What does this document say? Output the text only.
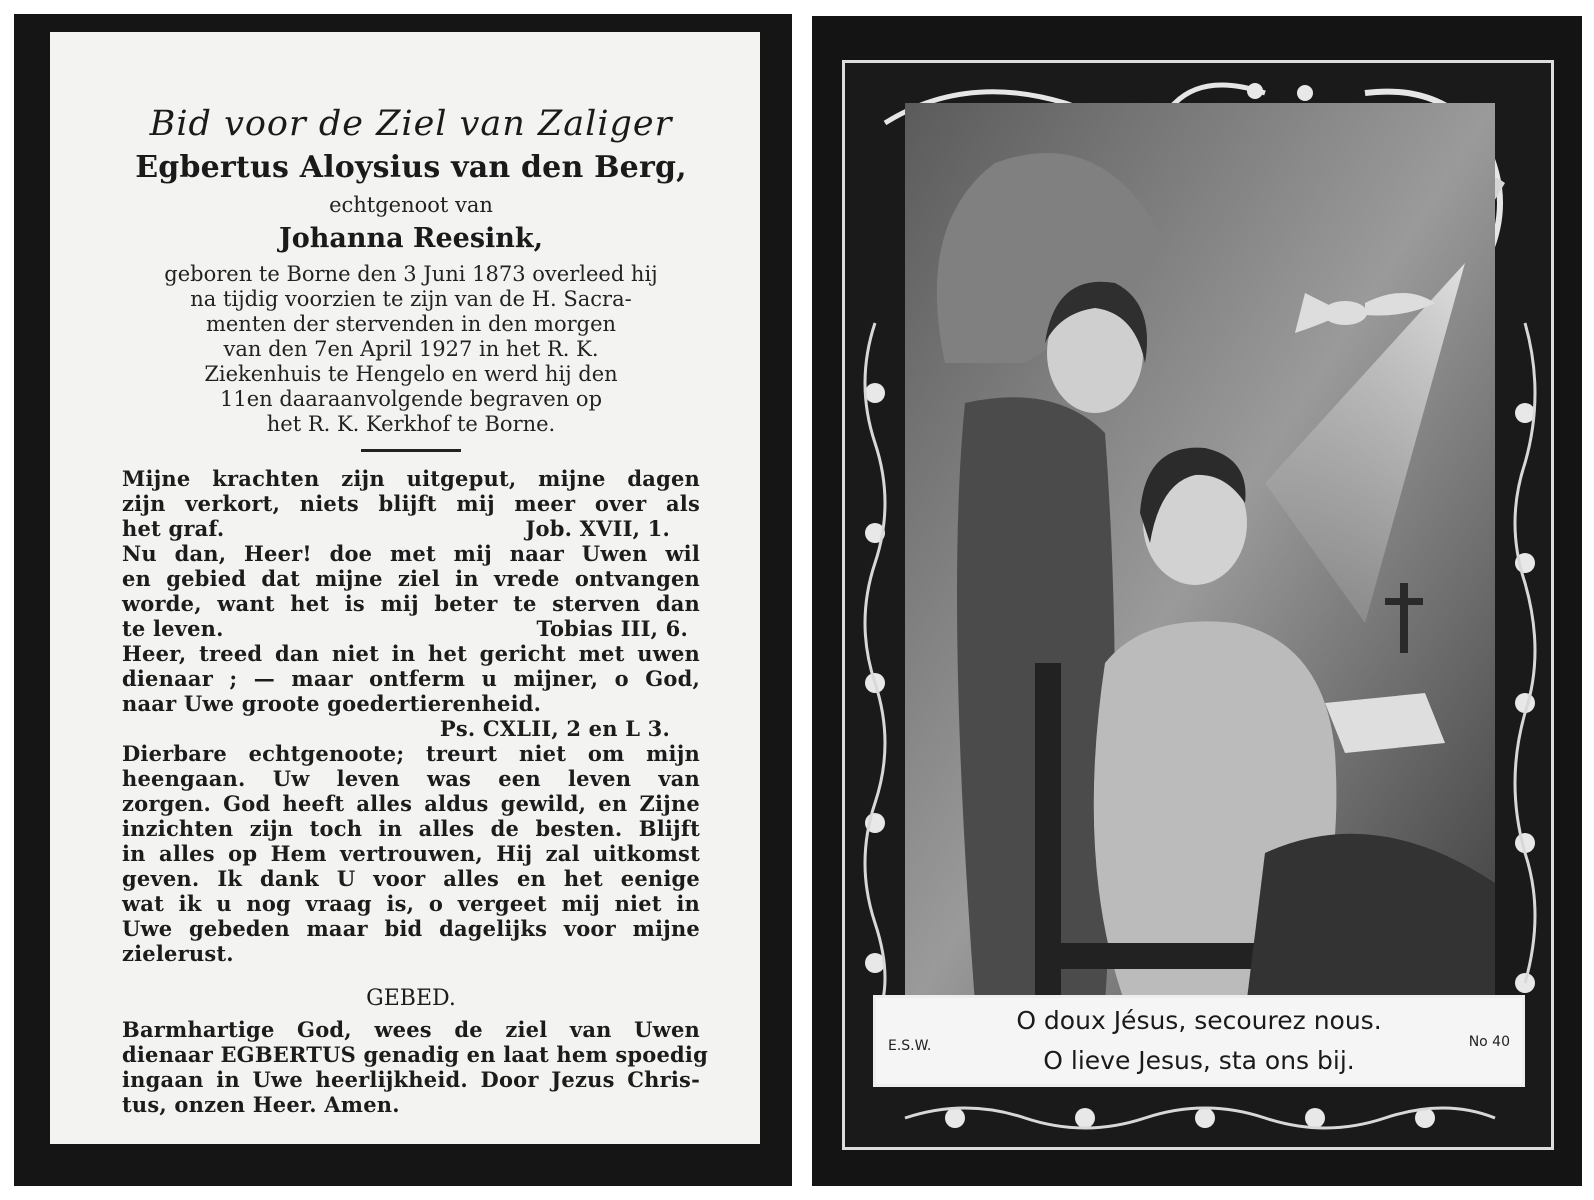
Bid voor de Ziel van Zaliger
Egbertus Aloysius van den Berg,
echtgenoot van
Johanna Reesink,
geboren te Borne den 3 Juni 1873 overleed hij
na tijdig voorzien te zijn van de H. Sacra-
menten der stervenden in den morgen
van den 7en April 1927 in het R. K.
Ziekenhuis te Hengelo en werd hij den
11en daaraanvolgende begraven op
het R. K. Kerkhof te Borne.
Mijne krachten zijn uitgeput, mijne dagen
zijn verkort, niets blijft mij meer over als
het graf.	Job. XVII, 1.
Nu dan, Heer! doe met mij naar Uwen wil
en gebied dat mijne ziel in vrede ontvangen
worde, want het is mij beter te sterven dan
te leven.	Tobias III, 6.
Heer, treed dan niet in het gericht met uwen
dienaar ; — maar ontferm u mijner, o God,
naar Uwe groote goedertierenheid.
Ps. CXLII, 2 en L 3.
Dierbare echtgenoote; treurt niet om mijn
heengaan. Uw leven was een leven van
zorgen. God heeft alles aldus gewild, en Zijne
inzichten zijn toch in alles de besten. Blijft
in alles op Hem vertrouwen, Hij zal uitkomst
geven. Ik dank U voor alles en het eenige
wat ik u nog vraag is, o vergeet mij niet in
Uwe gebeden maar bid dagelijks voor mijne
zielerust.
GEBED.
Barmhartige God, wees de ziel van Uwen
dienaar EGBERTUS genadig en laat hem spoedig
ingaan in Uwe heerlijkheid. Door Jezus Chris-
tus, onzen Heer. Amen.
O doux Jésus, secourez nous.
O lieve Jesus, sta ons bij.
E.S.W.	No 40
